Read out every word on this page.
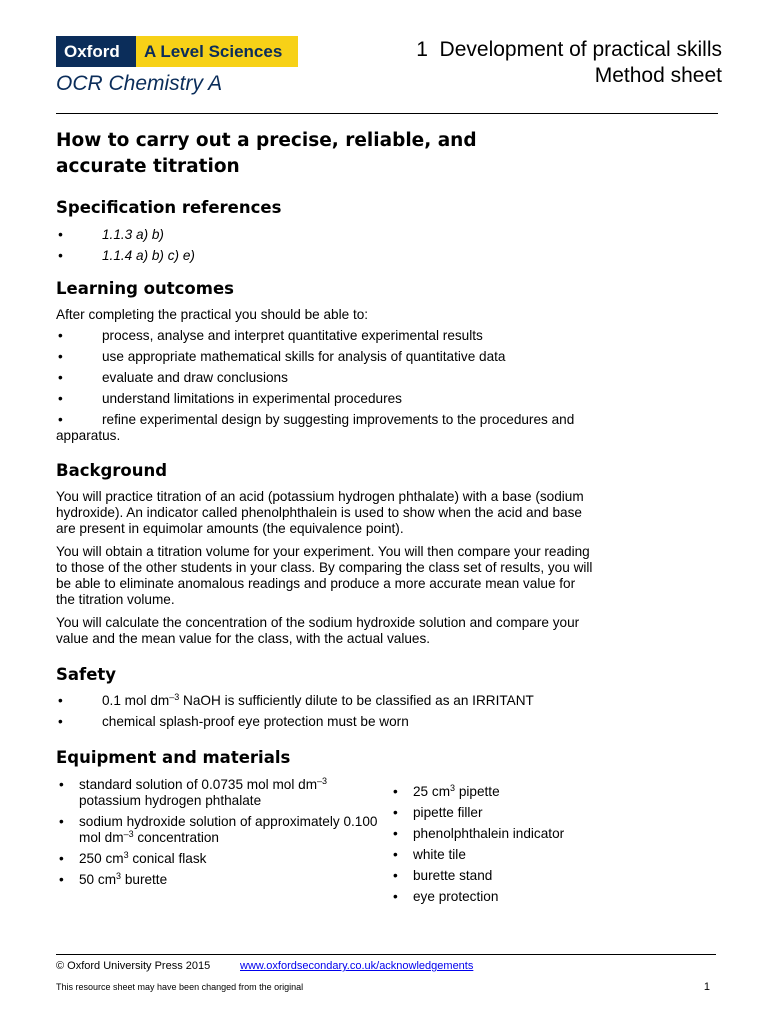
Oxford	A Level Sciences
OCR Chemistry A
1  Development of practical skills
Method sheet
How to carry out a precise, reliable, and
accurate titration
Specification references
• 1.1.3 a) b)
• 1.1.4 a) b) c) e)
Learning outcomes
After completing the practical you should be able to:
• process, analyse and interpret quantitative experimental results
• use appropriate mathematical skills for analysis of quantitative data
• evaluate and draw conclusions
• understand limitations in experimental procedures
• refine experimental design by suggesting improvements to the procedures and apparatus.
Background

You will practice titration of an acid (potassium hydrogen phthalate) with a base (sodium hydroxide). An indicator called phenolphthalein is used to show when the acid and base are present in equimolar amounts (the equivalence point).

You will obtain a titration volume for your experiment. You will then compare your reading to those of the other students in your class. By comparing the class set of results, you will be able to eliminate anomalous readings and produce a more accurate mean value for the titration volume.

You will calculate the concentration of the sodium hydroxide solution and compare your value and the mean value for the class, with the actual values.

Safety
• 0.1 mol $dm^{-3}$ NaOH is sufficiently dilute to be classified as an IRRITANT
• chemical splash-proof eye protection must be worn
Equipment and materials
• standard solution of 0.0735 mol mol $dm^{-3}$
potassium hydrogen phthalate
• sodium hydroxide solution of approximately 0.100 mol $dm^{-3}$ concentration
• 250 $cm^3$ conical flask
• 50 $cm^3$ burette
• 25 $cm^3$ pipette
• pipette filler
• phenolphthalein indicator
• white tile
• burette stand
• eye protection
© Oxford University Press 2015	www.oxfordsecondary.co.uk/acknowledgements
This resource sheet may have been changed from the original	1
